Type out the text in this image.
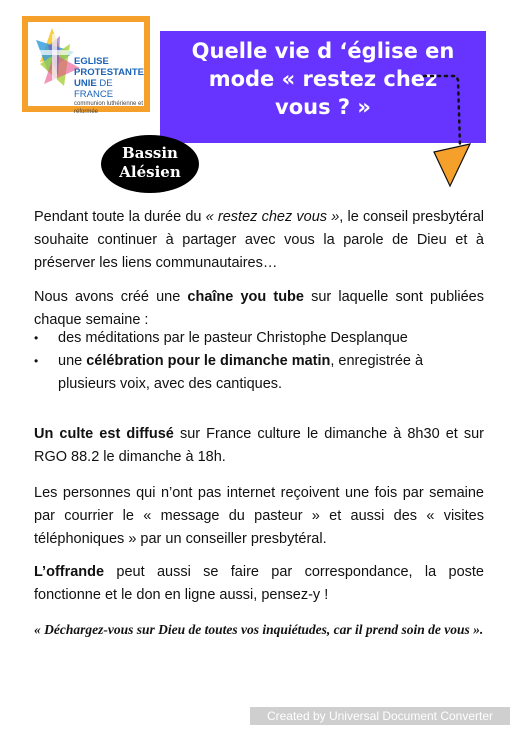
EGLISE PROTESTANTE
UNIE DE FRANCE
communion luthérienne et réformée
Quelle vie d ‘église en
mode « restez chez
vous ? »
Bassin
Alésien
Pendant toute la durée du « restez chez vous », le conseil presbytéral souhaite continuer à partager avec vous la parole de Dieu et à préserver les liens communautaires…
Nous avons créé une chaîne you tube sur laquelle sont publiées chaque semaine :
• des méditations par le pasteur Christophe Desplanque
• une célébration pour le dimanche matin, enregistrée à plusieurs voix, avec des cantiques.
Un culte est diffusé sur France culture le dimanche à 8h30 et sur RGO 88.2 le dimanche à 18h.
Les personnes qui n’ont pas internet reçoivent une fois par semaine par courrier le « message du pasteur » et aussi des « visites téléphoniques » par un conseiller presbytéral.
L’offrande peut aussi se faire par correspondance, la poste fonctionne et le don en ligne aussi, pensez-y !
« Déchargez-vous sur Dieu de toutes vos inquiétudes, car il prend soin de vous ».
Created by Universal Document Converter
